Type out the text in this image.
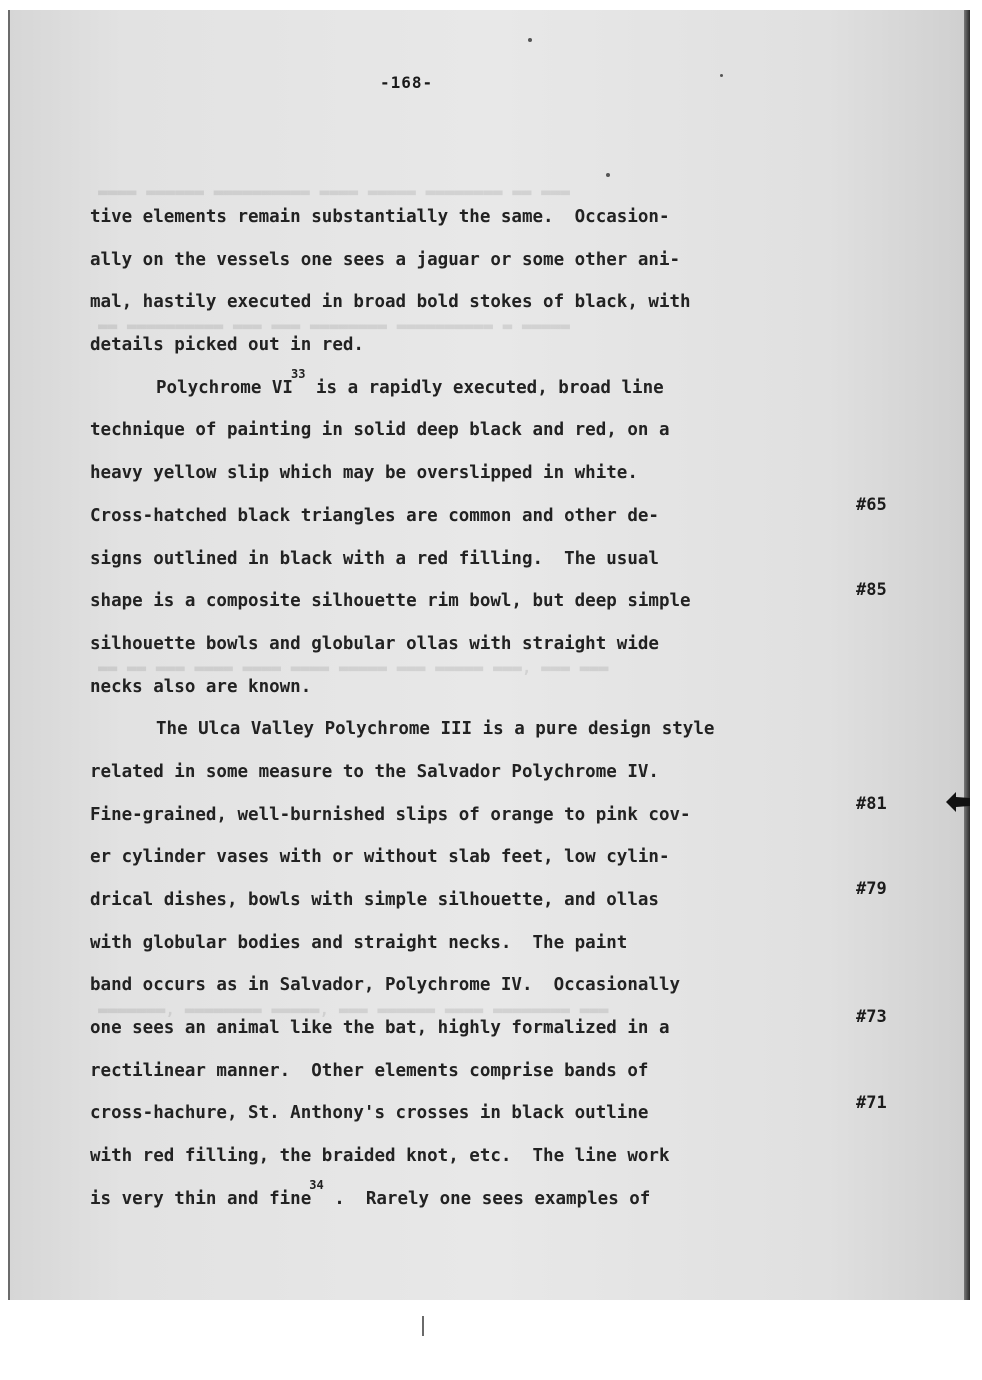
▬▬▬▬ ▬▬▬▬▬▬ ▬▬▬▬▬▬▬▬▬▬ ▬▬▬▬ ▬▬▬▬▬ ▬▬▬▬▬▬▬▬ ▬▬ ▬▬▬
▬▬ ▬▬▬▬▬▬▬▬▬▬ ▬▬▬ ▬▬▬ ▬▬▬▬▬▬▬▬ ▬▬▬▬▬▬▬▬▬▬ ▬ ▬▬▬▬▬
▬▬ ▬▬ ▬▬▬ ▬▬▬▬ ▬▬▬▬ ▬▬▬▬ ▬▬▬▬▬ ▬▬▬ ▬▬▬▬▬ ▬▬▬, ▬▬▬ ▬▬▬
▬▬▬▬▬▬▬, ▬▬▬▬▬▬▬▬ ▬▬▬▬▬, ▬▬▬ ▬▬▬▬▬▬ ▬▬▬▬ ▬▬▬▬▬▬▬▬ ▬▬▬
-168-
tive elements remain substantially the same.  Occasion-
ally on the vessels one sees a jaguar or some other ani-
mal, hastily executed in broad bold stokes of black, with
details picked out in red.
Polychrome VI$^{33}$ is a rapidly executed, broad line
technique of painting in solid deep black and red, on a
heavy yellow slip which may be overslipped in white.
Cross-hatched black triangles are common and other de-
signs outlined in black with a red filling.  The usual
shape is a composite silhouette rim bowl, but deep simple
silhouette bowls and globular ollas with straight wide
necks also are known.
The Ulca Valley Polychrome III is a pure design style
related in some measure to the Salvador Polychrome IV.
Fine-grained, well-burnished slips of orange to pink cov-
er cylinder vases with or without slab feet, low cylin-
drical dishes, bowls with simple silhouette, and ollas
with globular bodies and straight necks.  The paint
band occurs as in Salvador, Polychrome IV.  Occasionally
one sees an animal like the bat, highly formalized in a
rectilinear manner.  Other elements comprise bands of
cross-hachure, St. Anthony's crosses in black outline
with red filling, the braided knot, etc.  The line work
is very thin and fine$^{34}$ .  Rarely one sees examples of
#65
#85
#81
#79
#73
#71
